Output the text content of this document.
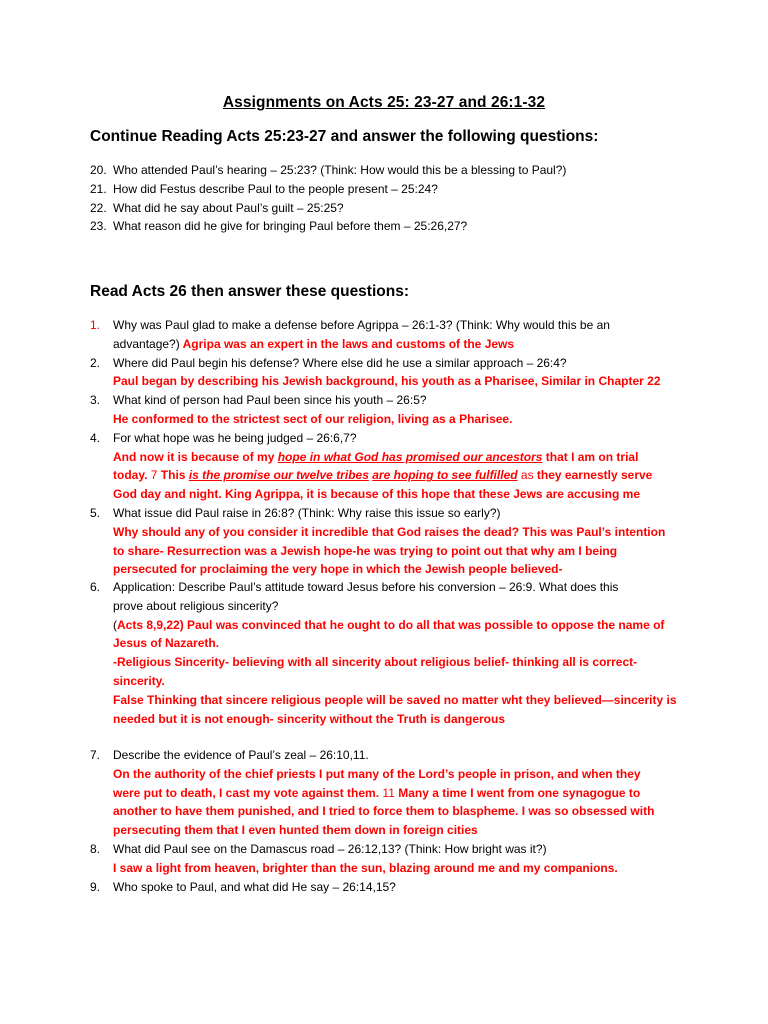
Assignments on Acts 25: 23-27 and 26:1-32
Continue Reading Acts 25:23-27 and answer the following questions:
20. Who attended Paul’s hearing – 25:23? (Think: How would this be a blessing to Paul?)
21. How did Festus describe Paul to the people present – 25:24?
22. What did he say about Paul’s guilt – 25:25?
23. What reason did he give for bringing Paul before them – 25:26,27?
Read Acts 26 then answer these questions:
1. Why was Paul glad to make a defense before Agrippa – 26:1-3? (Think: Why would this be an
advantage?) Agripa was an expert in the laws and customs of the Jews
2. Where did Paul begin his defense? Where else did he use a similar approach – 26:4?
Paul began by describing his Jewish background, his youth as a Pharisee, Similar in Chapter 22
3. What kind of person had Paul been since his youth – 26:5?
He conformed to the strictest sect of our religion, living as a Pharisee.
4. For what hope was he being judged – 26:6,7?
And now it is because of my hope in what God has promised our ancestors that I am on trial
today. 7 This is the promise our twelve tribes are hoping to see fulfilled as they earnestly serve
God day and night. King Agrippa, it is because of this hope that these Jews are accusing me
5. What issue did Paul raise in 26:8? (Think: Why raise this issue so early?)
Why should any of you consider it incredible that God raises the dead? This was Paul’s intention
to share- Resurrection was a Jewish hope-he was trying to point out that why am I being
persecuted for proclaiming the very hope in which the Jewish people believed-
6. Application: Describe Paul’s attitude toward Jesus before his conversion – 26:9. What does this
prove about religious sincerity?
(Acts 8,9,22) Paul was convinced that he ought to do all that was possible to oppose the name of
Jesus of Nazareth.
-Religious Sincerity- believing with all sincerity about religious belief- thinking all is correct-
sincerity.
False Thinking that sincere religious people will be saved no matter wht they believed—sincerity is
needed but it is not enough- sincerity without the Truth is dangerous
7. Describe the evidence of Paul’s zeal – 26:10,11.
On the authority of the chief priests I put many of the Lord’s people in prison, and when they
were put to death, I cast my vote against them. 11 Many a time I went from one synagogue to
another to have them punished, and I tried to force them to blaspheme. I was so obsessed with
persecuting them that I even hunted them down in foreign cities
8. What did Paul see on the Damascus road – 26:12,13? (Think: How bright was it?)
I saw a light from heaven, brighter than the sun, blazing around me and my companions.
9. Who spoke to Paul, and what did He say – 26:14,15?
